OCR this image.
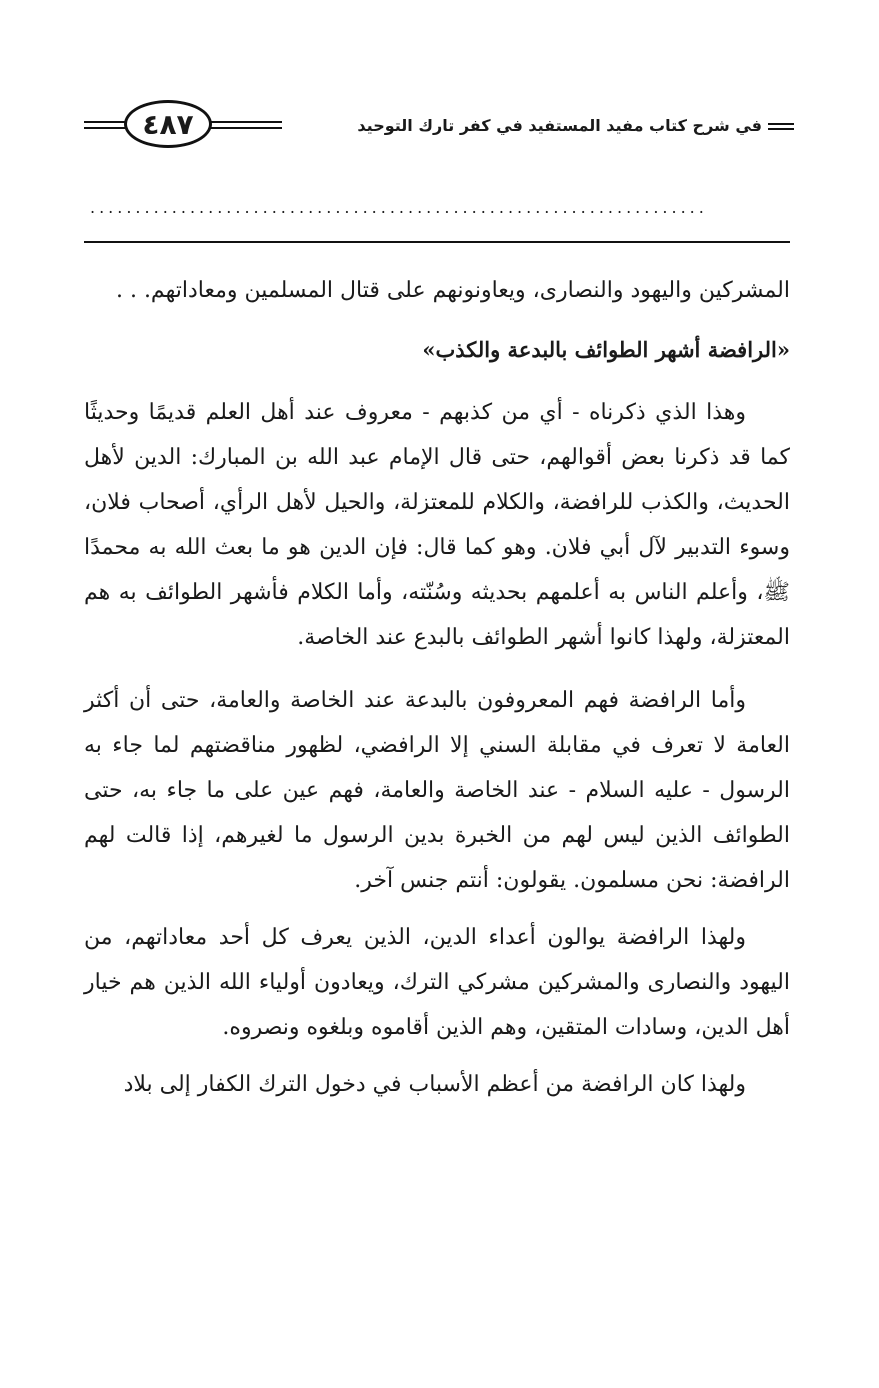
في شرح كتاب مفيد المستفيد في كفر تارك التوحيد
٤٨٧
....................................................................

المشركين واليهود والنصارى، ويعاونونهم على قتال المسلمين ومعاداتهم. . .

«الرافضة أشهر الطوائف بالبدعة والكذب»

وهذا الذي ذكرناه - أي من كذبهم - معروف عند أهل العلم قديمًا وحديثًا كما قد ذكرنا بعض أقوالهم، حتى قال الإمام عبد الله بن المبارك: الدين لأهل الحديث، والكذب للرافضة، والكلام للمعتزلة، والحيل لأهل الرأي، أصحاب فلان، وسوء التدبير لآل أبي فلان. وهو كما قال: فإن الدين هو ما بعث الله به محمدًا ﷺ، وأعلم الناس به أعلمهم بحديثه وسُنّته، وأما الكلام فأشهر الطوائف به هم المعتزلة، ولهذا كانوا أشهر الطوائف بالبدع عند الخاصة.

وأما الرافضة فهم المعروفون بالبدعة عند الخاصة والعامة، حتى أن أكثر العامة لا تعرف في مقابلة السني إلا الرافضي، لظهور مناقضتهم لما جاء به الرسول - عليه السلام - عند الخاصة والعامة، فهم عين على ما جاء به، حتى الطوائف الذين ليس لهم من الخبرة بدين الرسول ما لغيرهم، إذا قالت لهم الرافضة: نحن مسلمون. يقولون: أنتم جنس آخر.

ولهذا الرافضة يوالون أعداء الدين، الذين يعرف كل أحد معاداتهم، من اليهود والنصارى والمشركين مشركي الترك، ويعادون أولياء الله الذين هم خيار أهل الدين، وسادات المتقين، وهم الذين أقاموه وبلغوه ونصروه.

ولهذا كان الرافضة من أعظم الأسباب في دخول الترك الكفار إلى بلاد
